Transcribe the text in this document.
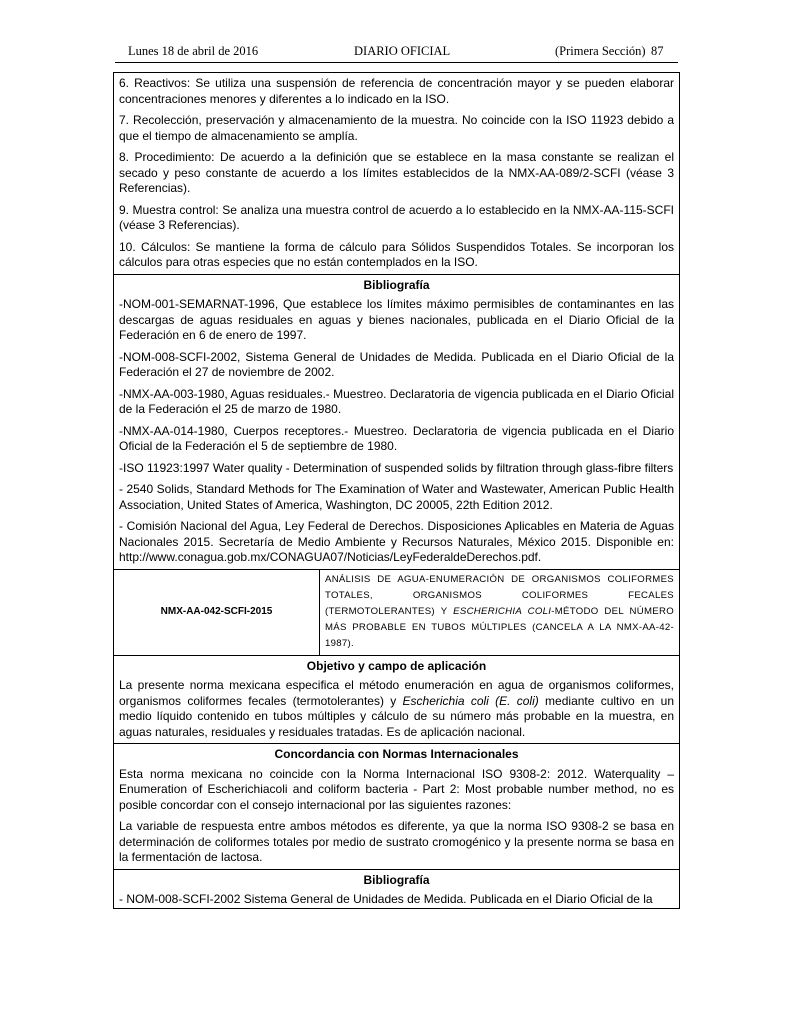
Lunes 18 de abril de 2016	DIARIO OFICIAL	(Primera Sección) 87

6. Reactivos: Se utiliza una suspensión de referencia de concentración mayor y se pueden elaborar concentraciones menores y diferentes a lo indicado en la ISO.

7. Recolección, preservación y almacenamiento de la muestra. No coincide con la ISO 11923 debido a que el tiempo de almacenamiento se amplía.

8. Procedimiento: De acuerdo a la definición que se establece en la masa constante se realizan el secado y peso constante de acuerdo a los límites establecidos de la NMX-AA-089/2-SCFI (véase 3 Referencias).

9. Muestra control: Se analiza una muestra control de acuerdo a lo establecido en la NMX-AA-115-SCFI (véase 3 Referencias).

10. Cálculos: Se mantiene la forma de cálculo para Sólidos Suspendidos Totales. Se incorporan los cálculos para otras especies que no están contemplados en la ISO.

Bibliografía

-NOM-001-SEMARNAT-1996, Que establece los límites máximo permisibles de contaminantes en las descargas de aguas residuales en aguas y bienes nacionales, publicada en el Diario Oficial de la Federación en 6 de enero de 1997.

-NOM-008-SCFI-2002, Sistema General de Unidades de Medida. Publicada en el Diario Oficial de la Federación el 27 de noviembre de 2002.

-NMX-AA-003-1980, Aguas residuales.- Muestreo. Declaratoria de vigencia publicada en el Diario Oficial de la Federación el 25 de marzo de 1980.

-NMX-AA-014-1980, Cuerpos receptores.- Muestreo. Declaratoria de vigencia publicada en el Diario Oficial de la Federación el 5 de septiembre de 1980.

-ISO 11923:1997 Water quality - Determination of suspended solids by filtration through glass-fibre filters

- 2540 Solids, Standard Methods for The Examination of Water and Wastewater, American Public Health Association, United States of America, Washington, DC 20005, 22th Edition 2012.

- Comisión Nacional del Agua, Ley Federal de Derechos. Disposiciones Aplicables en Materia de Aguas Nacionales 2015. Secretaría de Medio Ambiente y Recursos Naturales, México 2015. Disponible en: http://www.conagua.gob.mx/CONAGUA07/Noticias/LeyFederaldeDerechos.pdf.

NMX-AA-042-SCFI-2015
ANÁLISIS DE AGUA-ENUMERACIÓN DE ORGANISMOS COLIFORMES TOTALES, ORGANISMOS COLIFORMES FECALES (TERMOTOLERANTES) Y ESCHERICHIA COLI-MÉTODO DEL NÚMERO MÁS PROBABLE EN TUBOS MÚLTIPLES (CANCELA A LA NMX-AA-42-1987).
Objetivo y campo de aplicación

La presente norma mexicana especifica el método enumeración en agua de organismos coliformes, organismos coliformes fecales (termotolerantes) y Escherichia coli (E. coli) mediante cultivo en un medio líquido contenido en tubos múltiples y cálculo de su número más probable en la muestra, en aguas naturales, residuales y residuales tratadas. Es de aplicación nacional.

Concordancia con Normas Internacionales

Esta norma mexicana no coincide con la Norma Internacional ISO 9308-2: 2012. Waterquality – Enumeration of Escherichiacoli and coliform bacteria - Part 2: Most probable number method, no es posible concordar con el consejo internacional por las siguientes razones:

La variable de respuesta entre ambos métodos es diferente, ya que la norma ISO 9308-2 se basa en determinación de coliformes totales por medio de sustrato cromogénico y la presente norma se basa en la fermentación de lactosa.

Bibliografía

- NOM-008-SCFI-2002 Sistema General de Unidades de Medida. Publicada en el Diario Oficial de la
